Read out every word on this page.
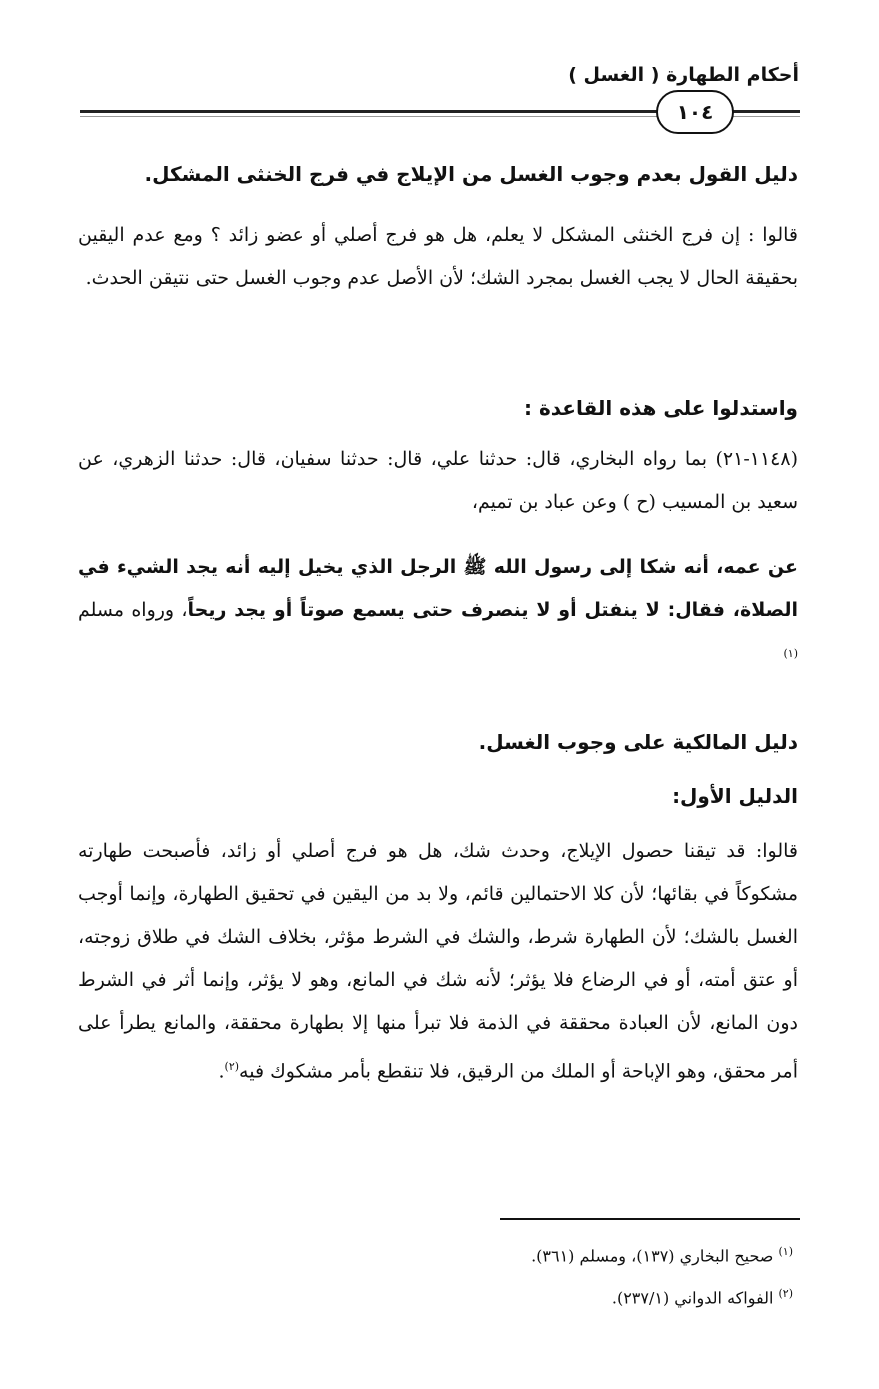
أحكام الطهارة ( الغسل )
١٠٤
دليل القول بعدم وجوب الغسل من الإيلاج في فرج الخنثى المشكل.
قالوا : إن فرج الخنثى المشكل لا يعلم، هل هو فرج أصلي أو عضو زائد ؟ ومع عدم اليقين بحقيقة الحال لا يجب الغسل بمجرد الشك؛ لأن الأصل عدم وجوب الغسل حتى نتيقن الحدث.
واستدلوا على هذه القاعدة :
(١١٤٨-٢١) بما رواه البخاري، قال: حدثنا علي، قال: حدثنا سفيان، قال: حدثنا الزهري، عن سعيد بن المسيب (ح ) وعن عباد بن تميم،
عن عمه، أنه شكا إلى رسول الله ﷺ الرجل الذي يخيل إليه أنه يجد الشيء في الصلاة، فقال: لا ينفتل أو لا ينصرف حتى يسمع صوتاً أو يجد ريحاً، ورواه مسلم $^{(١)}$
دليل المالكية على وجوب الغسل.
الدليل الأول:
قالوا: قد تيقنا حصول الإيلاج، وحدث شك، هل هو فرج أصلي أو زائد، فأصبحت طهارته مشكوكاً في بقائها؛ لأن كلا الاحتمالين قائم، ولا بد من اليقين في تحقيق الطهارة، وإنما أوجب الغسل بالشك؛ لأن الطهارة شرط، والشك في الشرط مؤثر، بخلاف الشك في طلاق زوجته، أو عتق أمته، أو في الرضاع فلا يؤثر؛ لأنه شك في المانع، وهو لا يؤثر، وإنما أثر في الشرط دون المانع، لأن العبادة محققة في الذمة فلا تبرأ منها إلا بطهارة محققة، والمانع يطرأ على أمر محقق، وهو الإباحة أو الملك من الرقيق، فلا تنقطع بأمر مشكوك فيه$^{(٢)}$.
$^{(١)}$ صحيح البخاري (١٣٧)، ومسلم (٣٦١).
$^{(٢)}$ الفواكه الدواني (٢٣٧/١).
